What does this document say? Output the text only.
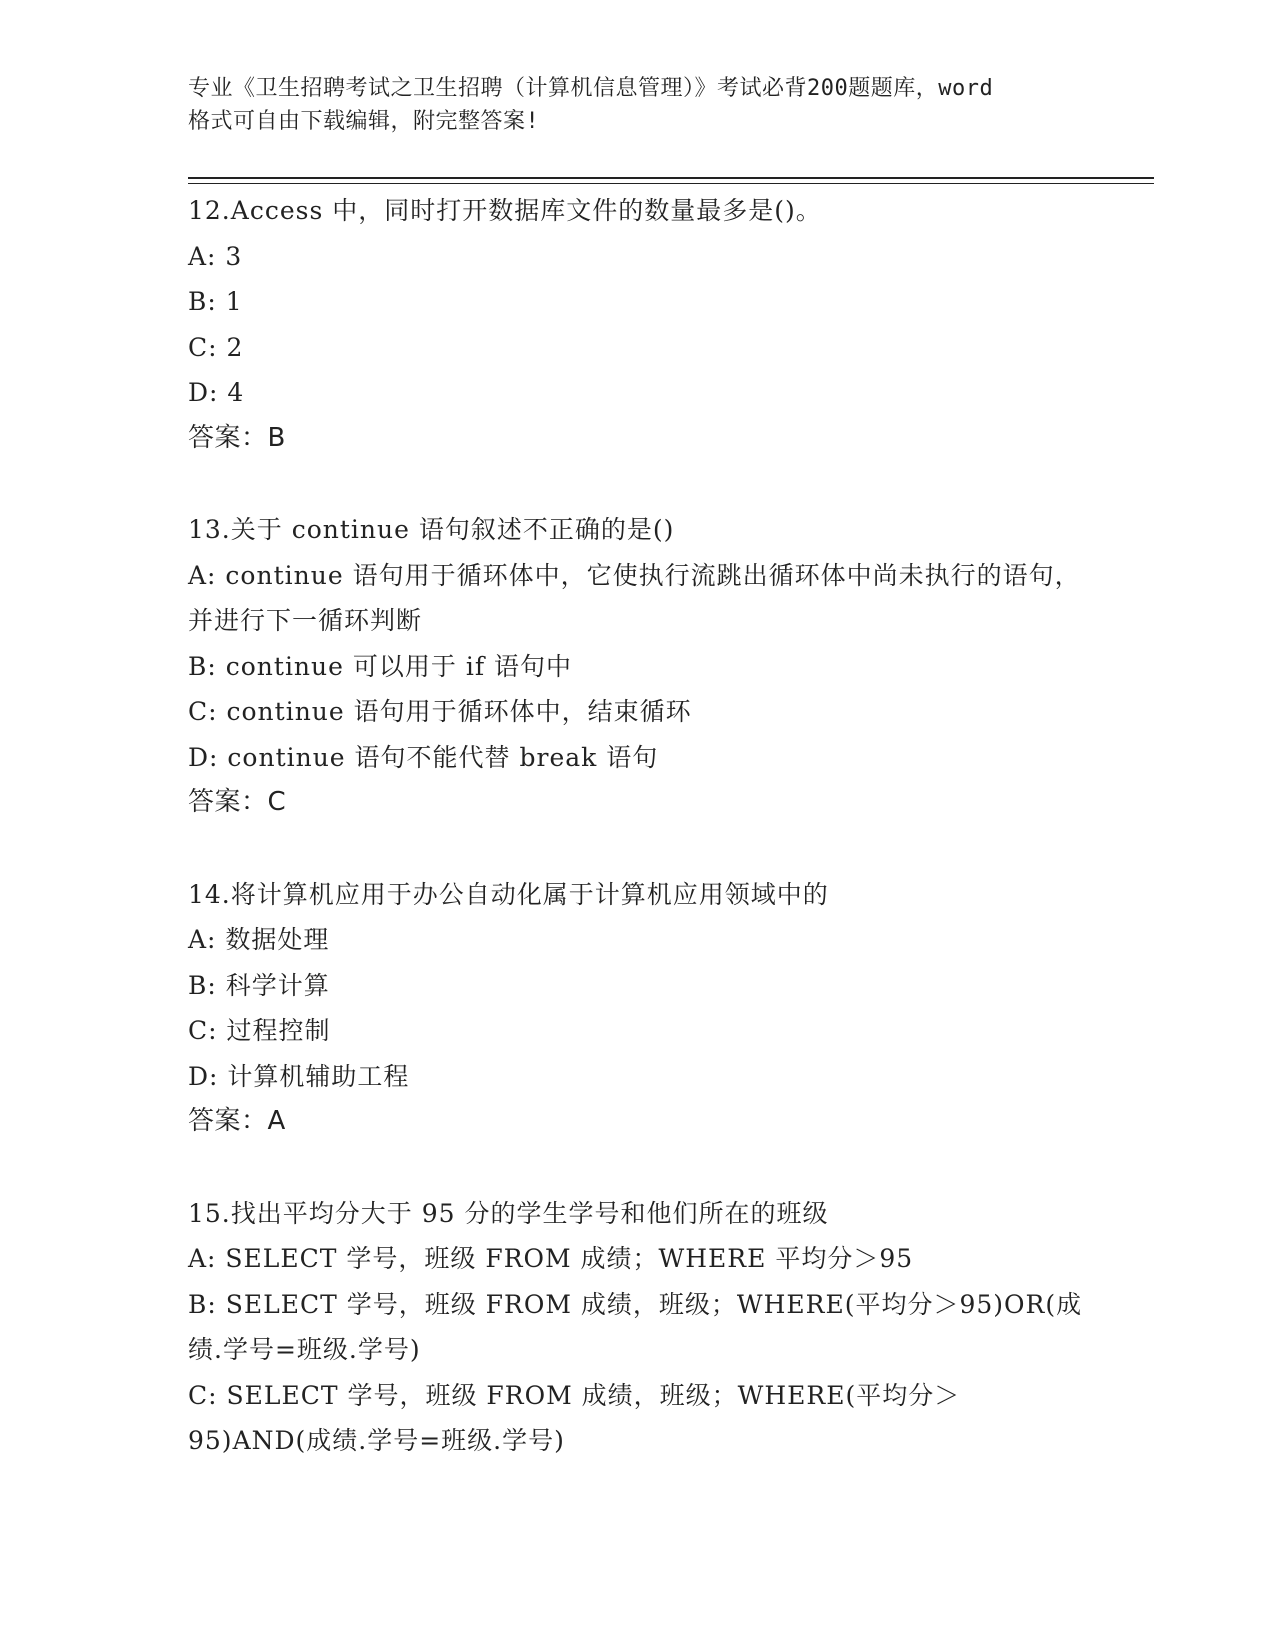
专业《卫生招聘考试之卫生招聘（计算机信息管理）》考试必背200题题库，word

格式可自由下载编辑，附完整答案!

12.Access 中，同时打开数据库文件的数量最多是()。

A: 3

B: 1

C: 2

D: 4

答案：B

13.关于 continue 语句叙述不正确的是()

A: continue 语句用于循环体中，它使执行流跳出循环体中尚未执行的语句，并进行下一循环判断

B: continue 可以用于 if 语句中

C: continue 语句用于循环体中，结束循环

D: continue 语句不能代替 break 语句

答案：C

14.将计算机应用于办公自动化属于计算机应用领域中的

A: 数据处理

B: 科学计算

C: 过程控制

D: 计算机辅助工程

答案：A

15.找出平均分大于 95 分的学生学号和他们所在的班级

A: SELECT 学号，班级 FROM 成绩；WHERE 平均分＞95

B: SELECT 学号，班级 FROM 成绩，班级；WHERE(平均分＞95)OR(成绩.学号=班级.学号)

C: SELECT 学号，班级 FROM 成绩，班级；WHERE(平均分＞95)AND(成绩.学号=班级.学号)
